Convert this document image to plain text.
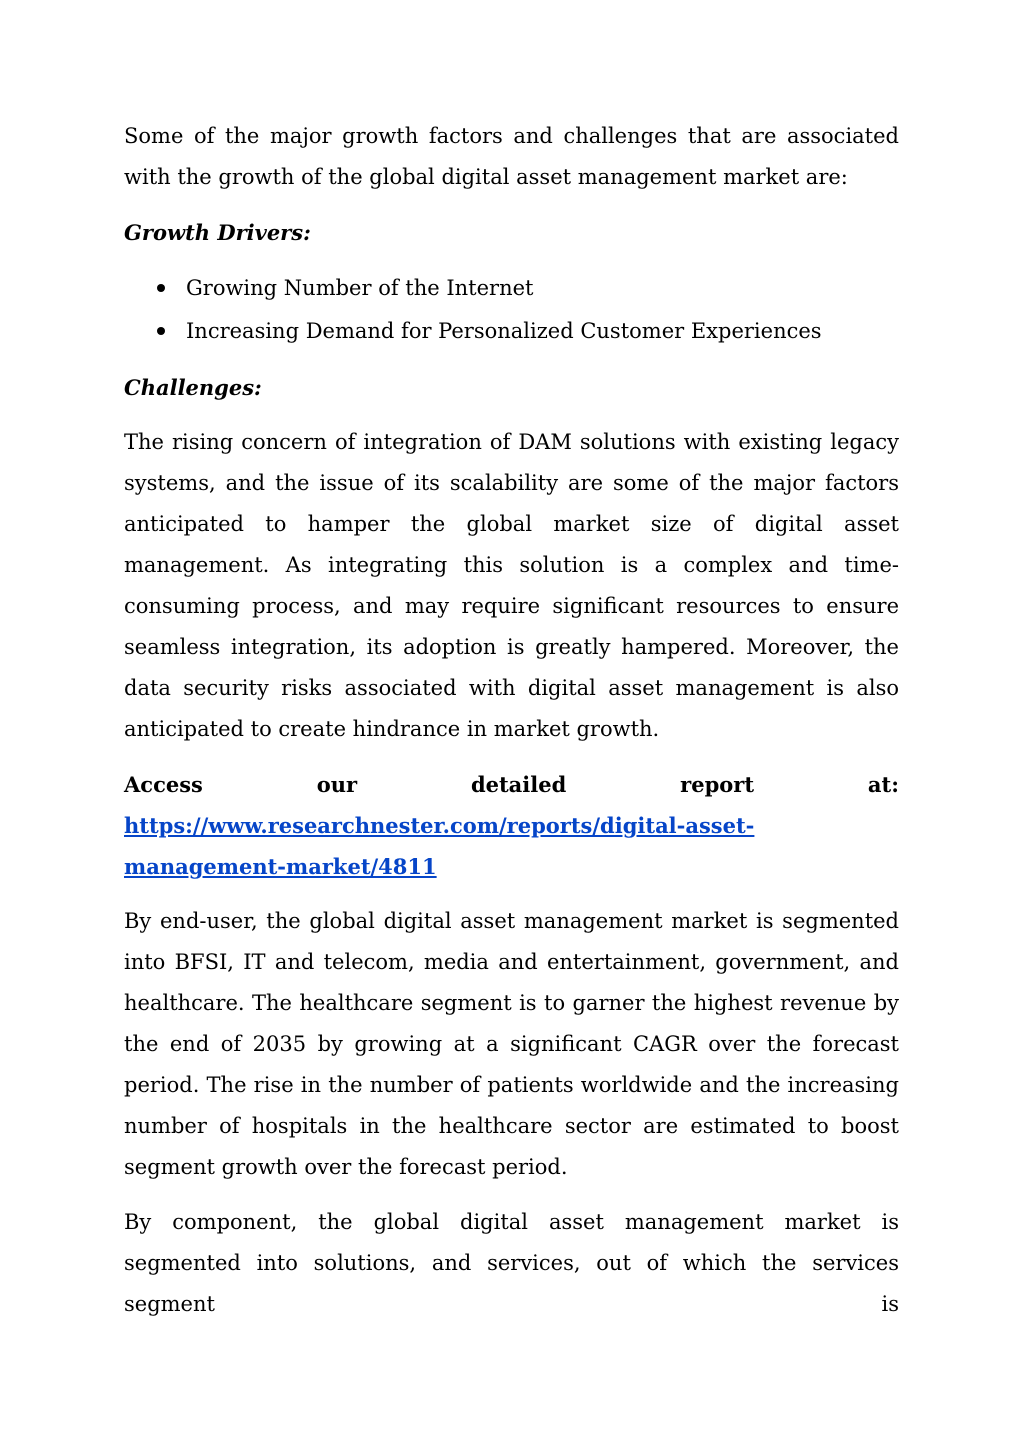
Some of the major growth factors and challenges that are associated with the growth of the global digital asset management market are:

Growth Drivers:
Growing Number of the Internet
Increasing Demand for Personalized Customer Experiences
Challenges:

The rising concern of integration of DAM solutions with existing legacy systems, and the issue of its scalability are some of the major factors anticipated to hamper the global market size of digital asset management. As integrating this solution is a complex and time-consuming process, and may require significant resources to ensure seamless integration, its adoption is greatly hampered. Moreover, the data security risks associated with digital asset management is also anticipated to create hindrance in market growth.

Access	our	detailed	report	at:
https://www.researchnester.com/reports/digital-asset-
management-market/4811

By end-user, the global digital asset management market is segmented into BFSI, IT and telecom, media and entertainment, government, and healthcare. The healthcare segment is to garner the highest revenue by the end of 2035 by growing at a significant CAGR over the forecast period. The rise in the number of patients worldwide and the increasing number of hospitals in the healthcare sector are estimated to boost segment growth over the forecast period.

By component, the global digital asset management market is segmented into solutions, and services, out of which the services segment is
